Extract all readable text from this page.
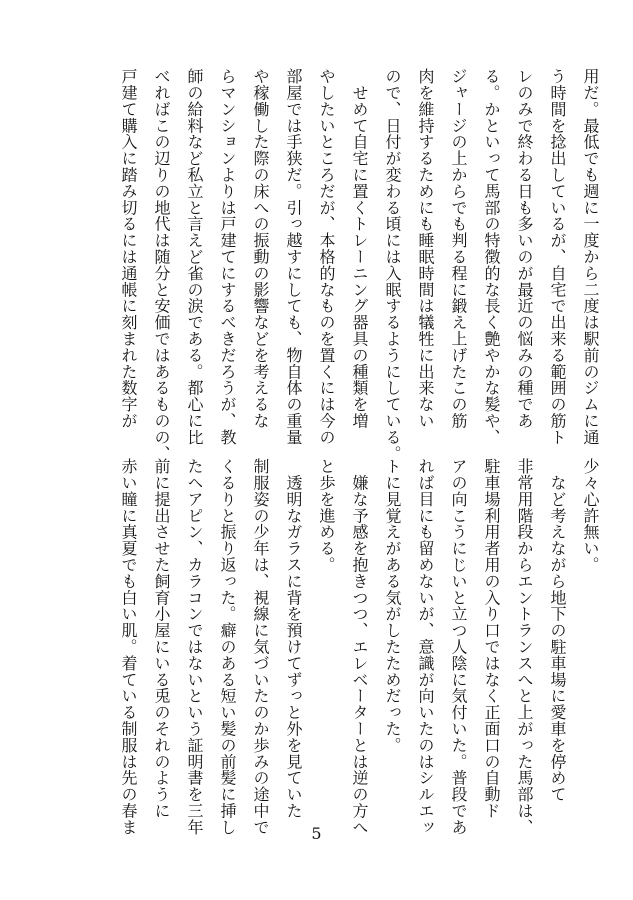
用だ。最低でも週に一度から二度は駅前のジムに通
う時間を捻出しているが、自宅で出来る範囲の筋ト
レのみで終わる日も多いのが最近の悩みの種であ
る。かといって馬部の特徴的な長く艶やかな髪や、
ジャージの上からでも判る程に鍛え上げたこの筋
肉を維持するためにも睡眠時間は犠牲に出来ない
ので、日付が変わる頃には入眠するようにしている。
　せめて自宅に置くトレーニング器具の種類を増
やしたいところだが、本格的なものを置くには今の
部屋では手狭だ。引っ越すにしても、物自体の重量
や稼働した際の床への振動の影響などを考えるな
らマンションよりは戸建てにするべきだろうが、教
師の給料など私立と言えど雀の涙である。都心に比
べればこの辺りの地代は随分と安価ではあるものの、
戸建て購入に踏み切るには通帳に刻まれた数字が
少々心許無い。
　など考えながら地下の駐車場に愛車を停めて
非常用階段からエントランスへと上がった馬部は、
駐車場利用者用の入り口ではなく正面口の自動ド
アの向こうにじいと立つ人陰に気付いた。普段であ
れば目にも留めないが、意識が向いたのはシルエッ
トに見覚えがある気がしたためだった。
　嫌な予感を抱きつつ、エレベーターとは逆の方へ
と歩を進める。
　透明なガラスに背を預けてずっと外を見ていた
制服姿の少年は、視線に気づいたのか歩みの途中で
くるりと振り返った。癖のある短い髪の前髪に挿し
たヘアピン、カラコンではないという証明書を三年
前に提出させた飼育小屋にいる兎のそれのように
赤い瞳に真夏でも白い肌。着ている制服は先の春ま	5
